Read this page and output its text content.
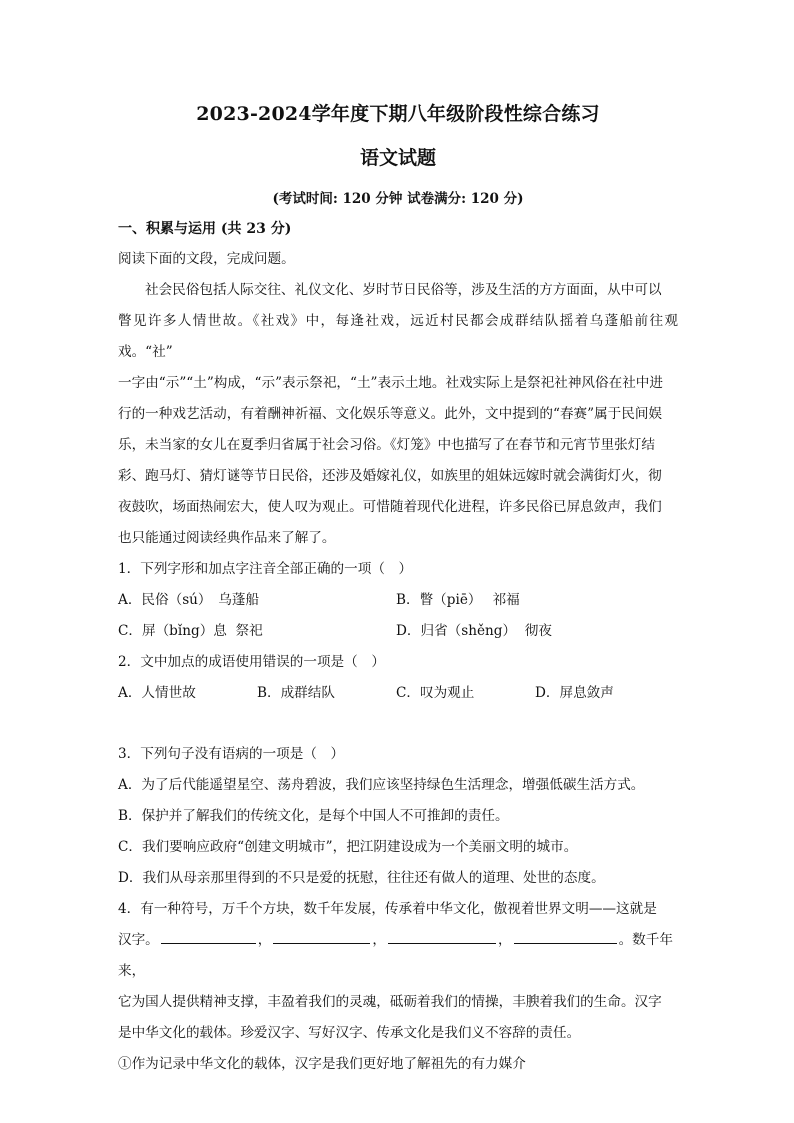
2023-2024学年度下期八年级阶段性综合练习
语文试题
(考试时间: 120 分钟 试卷满分: 120 分)
一、积累与运用 (共 23 分)

阅读下面的文段，完成问题。

社会民俗包括人际交往、礼仪文化、岁时节日民俗等，涉及生活的方方面面，从中可以

瞥见许多人情世故。《社戏》中，每逢社戏，远近村民都会成群结队摇着乌蓬船前往观戏。“社”

一字由“示”“土”构成，“示”表示祭祀，“土”表示土地。社戏实际上是祭祀社神风俗在社中进

行的一种戏艺活动，有着酬神祈福、文化娱乐等意义。此外，文中提到的“春赛”属于民间娱

乐，未当家的女儿在夏季归省属于社会习俗。《灯笼》中也描写了在春节和元宵节里张灯结

彩、跑马灯、猜灯谜等节日民俗，还涉及婚嫁礼仪，如族里的姐妹远嫁时就会满街灯火，彻

夜鼓吹，场面热闹宏大，使人叹为观止。可惜随着现代化进程，许多民俗已屏息敛声，我们

也只能通过阅读经典作品来了解了。

1．下列字形和加点字注音全部正确的一项（　）

A．民俗（sú）　乌蓬船	B．瞥（piē）　 祁福
C．屏（bǐng）息  祭祀	D．归省（shěng）  彻夜

2．文中加点的成语使用错误的一项是（　）

A．人情世故	B．成群结队	C．叹为观止	D．屏息敛声

3．下列句子没有语病的一项是（　）

A．为了后代能遥望星空、荡舟碧波，我们应该坚持绿色生活理念，增强低碳生活方式。

B．保护并了解我们的传统文化，是每个中国人不可推卸的责任。

C．我们要响应政府“创建文明城市”，把江阴建设成为一个美丽文明的城市。

D．我们从母亲那里得到的不只是爱的抚慰，往往还有做人的道理、处世的态度。

4．有一种符号，万千个方块，数千年发展，传承着中华文化，傲视着世界文明——这就是

汉字。	，	，	，	。数千年来，

它为国人提供精神支撑，丰盈着我们的灵魂，砥砺着我们的情操，丰腴着我们的生命。汉字

是中华文化的载体。珍爱汉字、写好汉字、传承文化是我们义不容辞的责任。

①作为记录中华文化的载体，汉字是我们更好地了解祖先的有力媒介
